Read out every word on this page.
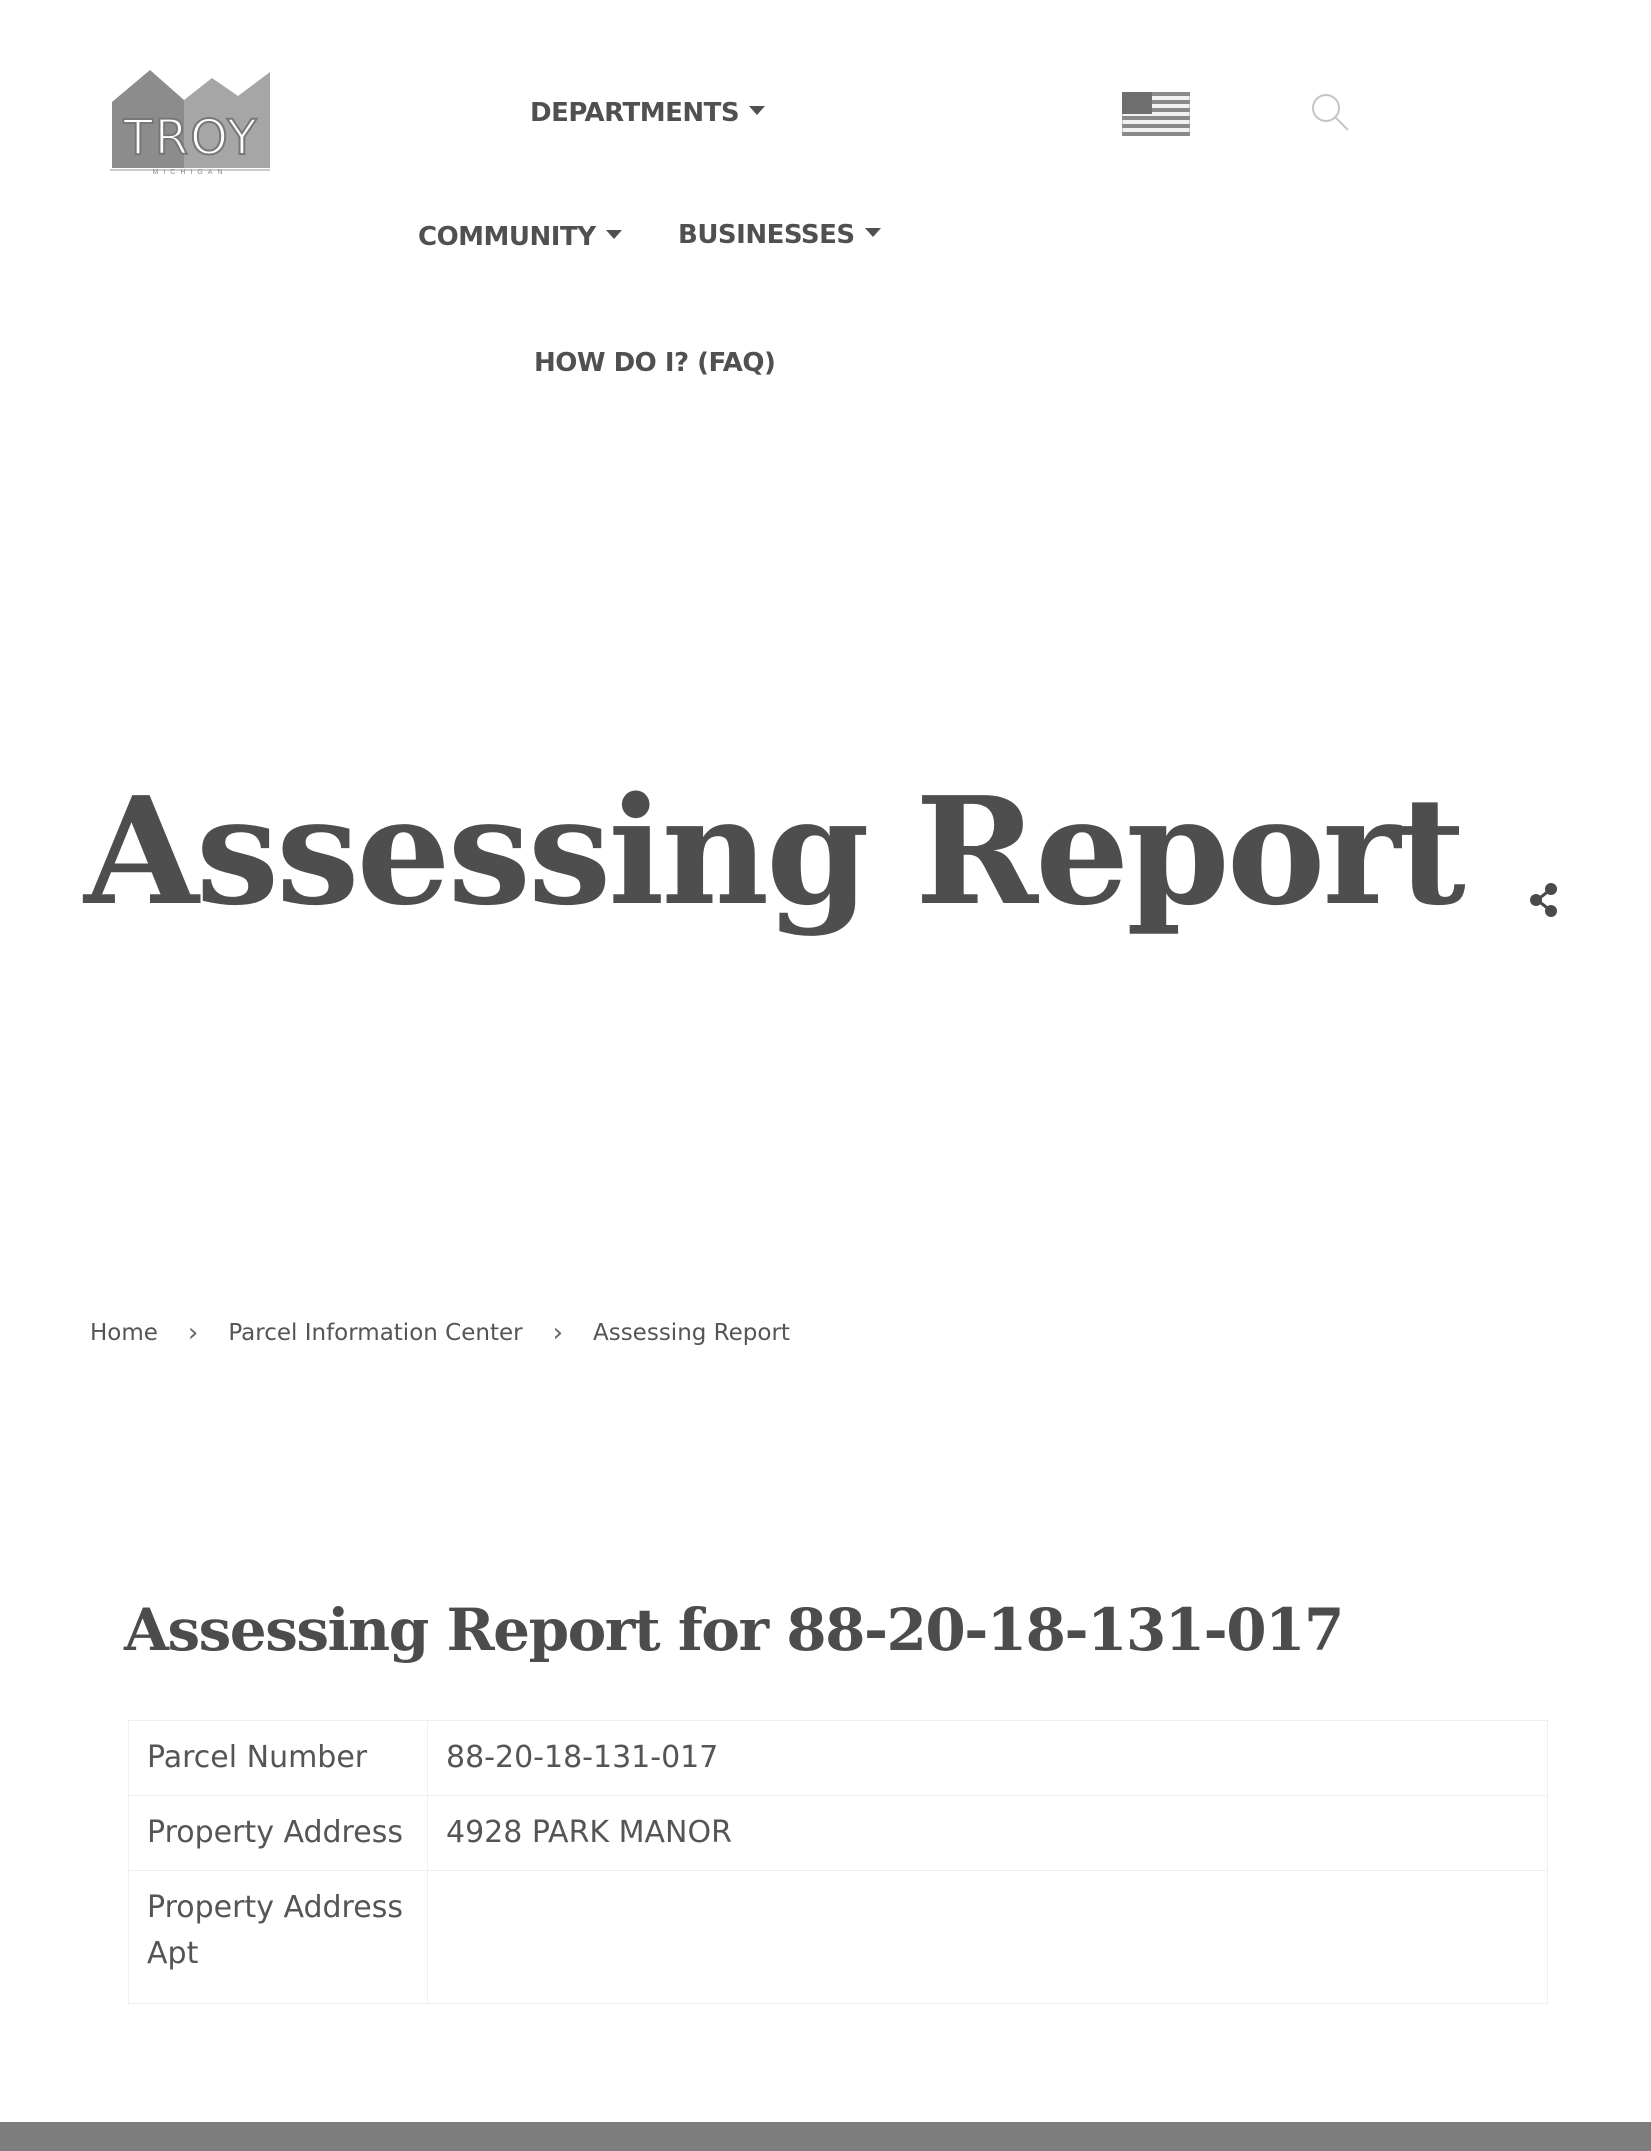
TROY
MICHIGAN
DEPARTMENTS
COMMUNITY	BUSINESSES
HOW DO I? (FAQ)
Assessing Report
Home › Parcel Information Center › Assessing Report
Assessing Report for 88-20-18-131-017
Parcel Number	88-20-18-131-017
Property Address	4928 PARK MANOR
Property Address Apt	
